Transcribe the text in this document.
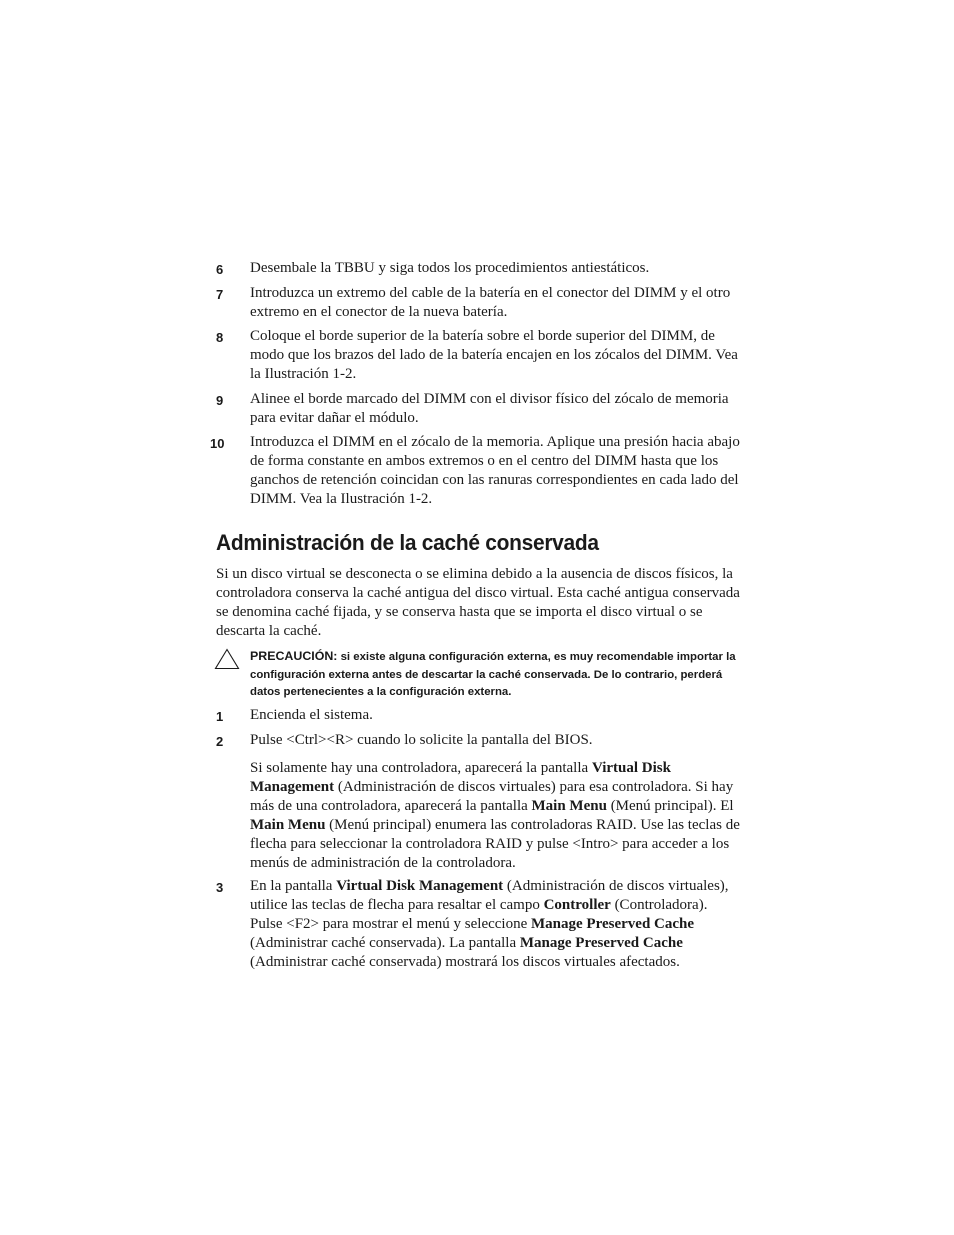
6	Desembale la TBBU y siga todos los procedimientos antiestáticos.

7	Introduzca un extremo del cable de la batería en el conector del DIMM y el otro extremo en el conector de la nueva batería.

8	Coloque el borde superior de la batería sobre el borde superior del DIMM, de modo que los brazos del lado de la batería encajen en los zócalos del DIMM. Vea la Ilustración 1-2.

9	Alinee el borde marcado del DIMM con el divisor físico del zócalo de memoria para evitar dañar el módulo.

10	Introduzca el DIMM en el zócalo de la memoria. Aplique una presión hacia abajo de forma constante en ambos extremos o en el centro del DIMM hasta que los ganchos de retención coincidan con las ranuras correspondientes en cada lado del DIMM. Vea la Ilustración 1-2.

Administración de la caché conservada

Si un disco virtual se desconecta o se elimina debido a la ausencia de discos físicos, la controladora conserva la caché antigua del disco virtual. Esta caché antigua conservada se denomina caché fijada, y se conserva hasta que se importa el disco virtual o se descarta la caché.

PRECAUCIÓN: si existe alguna configuración externa, es muy recomendable importar la configuración externa antes de descartar la caché conservada. De lo contrario, perderá datos pertenecientes a la configuración externa.
1	Encienda el sistema.

2	Pulse <Ctrl><R> cuando lo solicite la pantalla del BIOS.

Si solamente hay una controladora, aparecerá la pantalla Virtual Disk Management (Administración de discos virtuales) para esa controladora. Si hay más de una controladora, aparecerá la pantalla Main Menu (Menú principal). El Main Menu (Menú principal) enumera las controladoras RAID. Use las teclas de flecha para seleccionar la controladora RAID y pulse <Intro> para acceder a los menús de administración de la controladora.

3	En la pantalla Virtual Disk Management (Administración de discos virtuales), utilice las teclas de flecha para resaltar el campo Controller (Controladora). Pulse <F2> para mostrar el menú y seleccione Manage Preserved Cache (Administrar caché conservada). La pantalla Manage Preserved Cache (Administrar caché conservada) mostrará los discos virtuales afectados.
